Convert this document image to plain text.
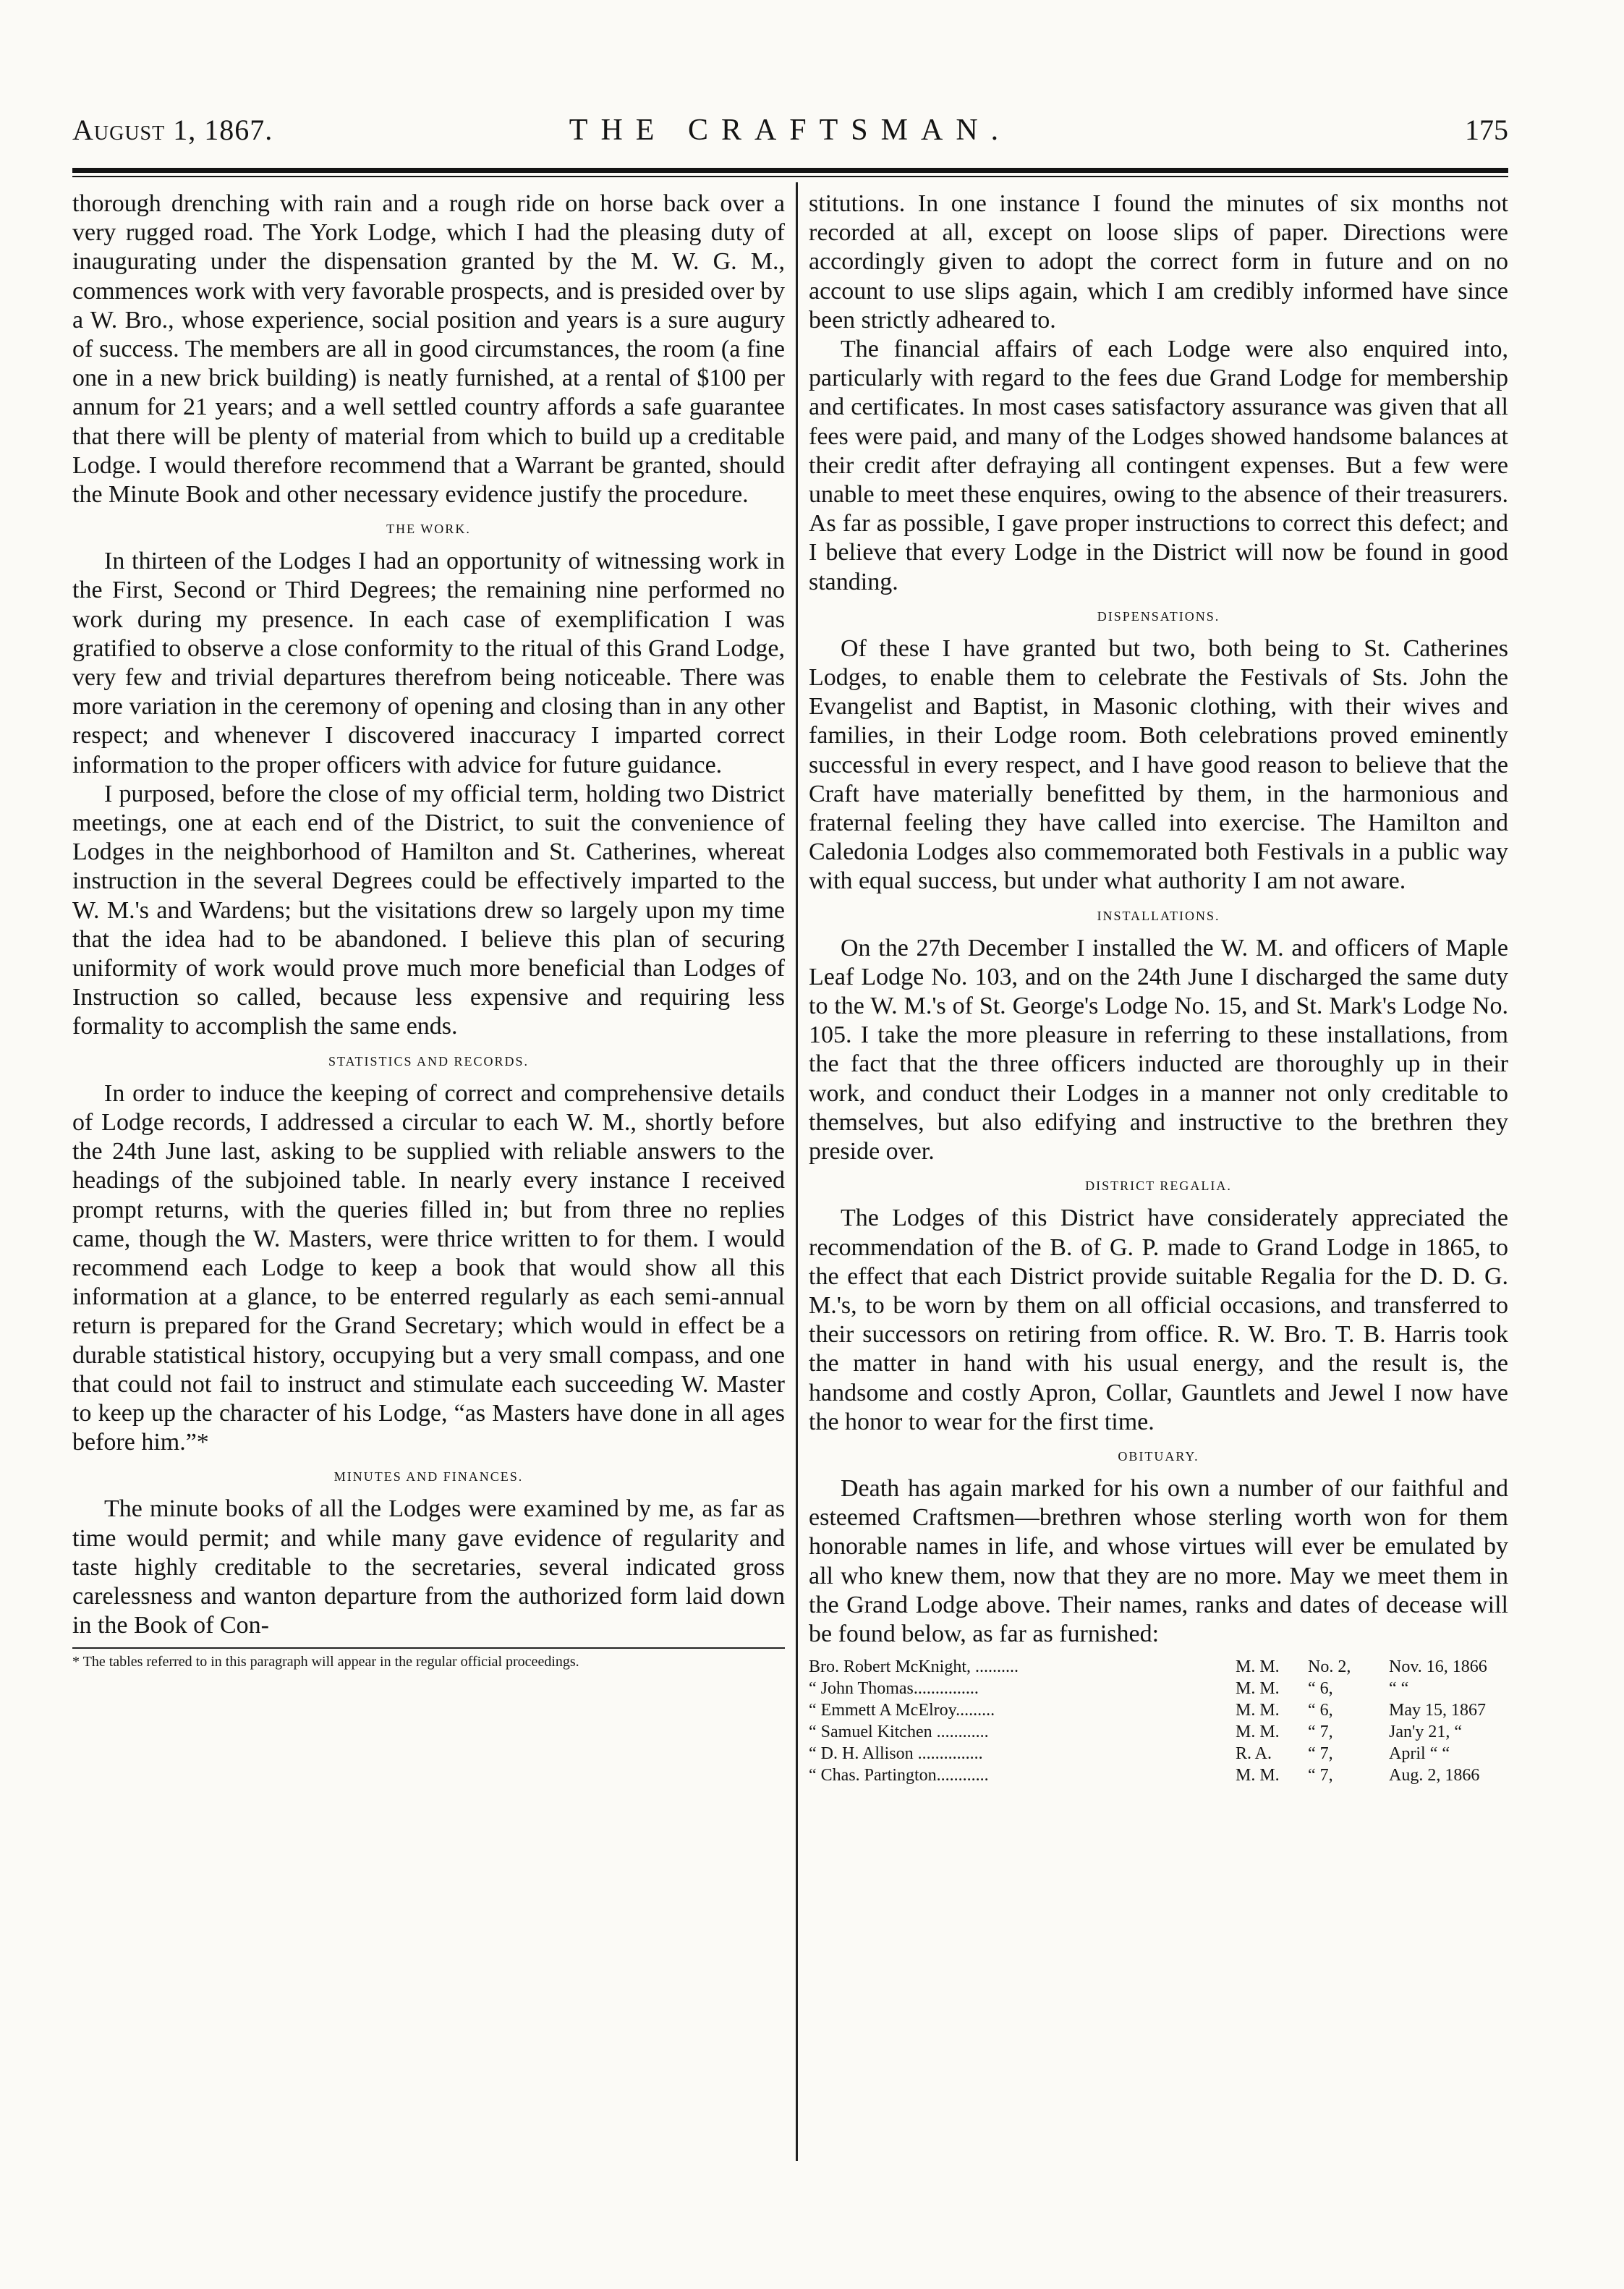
August 1, 1867.	THE CRAFTSMAN.	175

thorough drenching with rain and a rough ride on horse back over a very rugged road. The York Lodge, which I had the pleasing duty of inaugurating under the dispensation granted by the M. W. G. M., commences work with very favorable prospects, and is presided over by a W. Bro., whose experience, social position and years is a sure augury of success. The members are all in good circumstances, the room (a fine one in a new brick building) is neatly furnished, at a rental of $100 per annum for 21 years; and a well settled country affords a safe guarantee that there will be plenty of material from which to build up a creditable Lodge. I would therefore recommend that a Warrant be granted, should the Minute Book and other necessary evidence justify the procedure.

THE WORK.

In thirteen of the Lodges I had an opportunity of witnessing work in the First, Second or Third Degrees; the remaining nine performed no work during my presence. In each case of exemplification I was gratified to observe a close conformity to the ritual of this Grand Lodge, very few and trivial departures therefrom being noticeable. There was more variation in the ceremony of opening and closing than in any other respect; and whenever I discovered inaccuracy I imparted correct information to the proper officers with advice for future guidance.

I purposed, before the close of my official term, holding two District meetings, one at each end of the District, to suit the convenience of Lodges in the neighborhood of Hamilton and St. Catherines, whereat instruction in the several Degrees could be effectively imparted to the W. M.'s and Wardens; but the visitations drew so largely upon my time that the idea had to be abandoned. I believe this plan of securing uniformity of work would prove much more beneficial than Lodges of Instruction so called, because less expensive and requiring less formality to accomplish the same ends.

STATISTICS AND RECORDS.

In order to induce the keeping of correct and comprehensive details of Lodge records, I addressed a circular to each W. M., shortly before the 24th June last, asking to be supplied with reliable answers to the headings of the subjoined table. In nearly every instance I received prompt returns, with the queries filled in; but from three no replies came, though the W. Masters, were thrice written to for them. I would recommend each Lodge to keep a book that would show all this information at a glance, to be enterred regularly as each semi-annual return is prepared for the Grand Secretary; which would in effect be a durable statistical history, occupying but a very small compass, and one that could not fail to instruct and stimulate each succeeding W. Master to keep up the character of his Lodge, “as Masters have done in all ages before him.”*

MINUTES AND FINANCES.

The minute books of all the Lodges were examined by me, as far as time would permit; and while many gave evidence of regularity and taste highly creditable to the secretaries, several indicated gross carelessness and wanton departure from the authorized form laid down in the Book of Con-

* The tables referred to in this paragraph will appear in the regular official proceedings.

stitutions. In one instance I found the minutes of six months not recorded at all, except on loose slips of paper. Directions were accordingly given to adopt the correct form in future and on no account to use slips again, which I am credibly informed have since been strictly adheared to.

The financial affairs of each Lodge were also enquired into, particularly with regard to the fees due Grand Lodge for membership and certificates. In most cases satisfactory assurance was given that all fees were paid, and many of the Lodges showed handsome balances at their credit after defraying all contingent expenses. But a few were unable to meet these enquires, owing to the absence of their treasurers. As far as possible, I gave proper instructions to correct this defect; and I believe that every Lodge in the District will now be found in good standing.

DISPENSATIONS.

Of these I have granted but two, both being to St. Catherines Lodges, to enable them to celebrate the Festivals of Sts. John the Evangelist and Baptist, in Masonic clothing, with their wives and families, in their Lodge room. Both celebrations proved eminently successful in every respect, and I have good reason to believe that the Craft have materially benefitted by them, in the harmonious and fraternal feeling they have called into exercise. The Hamilton and Caledonia Lodges also commemorated both Festivals in a public way with equal success, but under what authority I am not aware.

INSTALLATIONS.

On the 27th December I installed the W. M. and officers of Maple Leaf Lodge No. 103, and on the 24th June I discharged the same duty to the W. M.'s of St. George's Lodge No. 15, and St. Mark's Lodge No. 105. I take the more pleasure in referring to these installations, from the fact that the three officers inducted are thoroughly up in their work, and conduct their Lodges in a manner not only creditable to themselves, but also edifying and instructive to the brethren they preside over.

DISTRICT REGALIA.

The Lodges of this District have considerately appreciated the recommendation of the B. of G. P. made to Grand Lodge in 1865, to the effect that each District provide suitable Regalia for the D. D. G. M.'s, to be worn by them on all official occasions, and transferred to their successors on retiring from office. R. W. Bro. T. B. Harris took the matter in hand with his usual energy, and the result is, the handsome and costly Apron, Collar, Gauntlets and Jewel I now have the honor to wear for the first time.

OBITUARY.

Death has again marked for his own a number of our faithful and esteemed Craftsmen—brethren whose sterling worth won for them honorable names in life, and whose virtues will ever be emulated by all who knew them, now that they are no more. May we meet them in the Grand Lodge above. Their names, ranks and dates of decease will be found below, as far as furnished:

Bro. Robert McKnight, ..........	M. M.	No. 2,	Nov. 16, 1866
“ John Thomas...............	M. M.	“ 6,	“ “
“ Emmett A McElroy.........	M. M.	“ 6,	May 15, 1867
“ Samuel Kitchen ............	M. M.	“ 7,	Jan'y 21, “
“ D. H. Allison ...............	R. A.	“ 7,	April “ “
“ Chas. Partington............	M. M.	“ 7,	Aug. 2, 1866
